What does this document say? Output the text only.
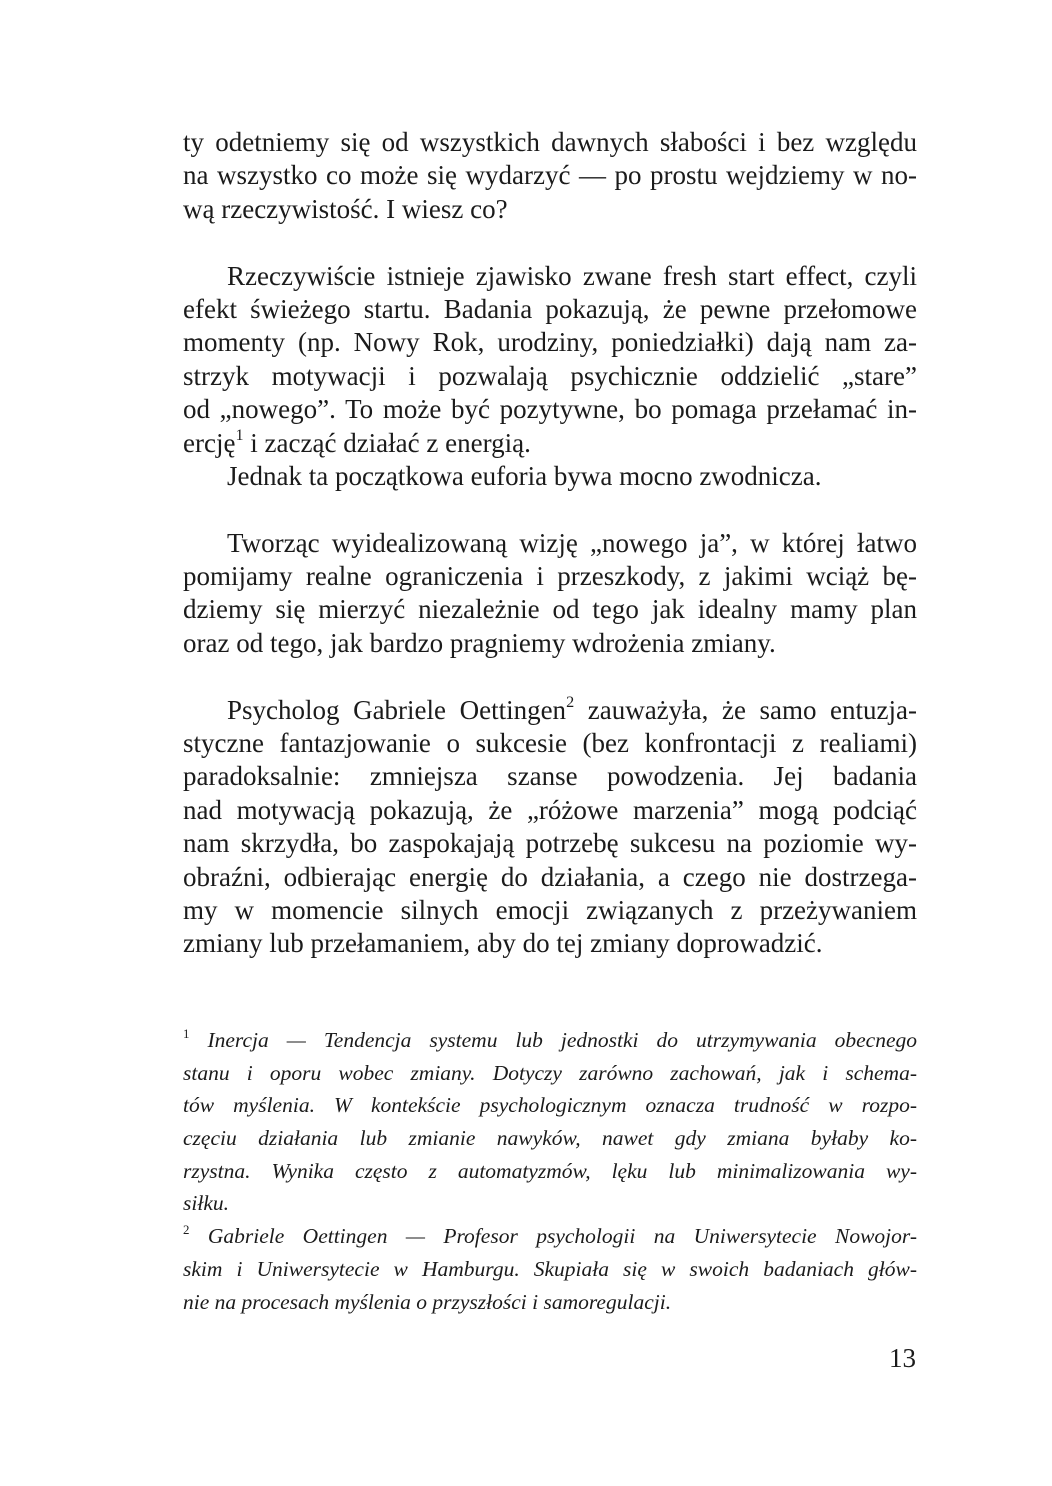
ty odetniemy się od wszystkich dawnych słabości i bez względu
na wszystko co może się wydarzyć — po prostu wejdziemy w no-
wą rzeczywistość. I wiesz co?
Rzeczywiście istnieje zjawisko zwane fresh start effect, czyli
efekt świeżego startu. Badania pokazują, że pewne przełomowe
momenty (np. Nowy Rok, urodziny, poniedziałki) dają nam za-
strzyk motywacji i pozwalają psychicznie oddzielić „stare”
od „nowego”. To może być pozytywne, bo pomaga przełamać in-
ercję$^1$ i zacząć działać z energią.
Jednak ta początkowa euforia bywa mocno zwodnicza.
Tworząc wyidealizowaną wizję „nowego ja”, w której łatwo
pomijamy realne ograniczenia i przeszkody, z jakimi wciąż bę-
dziemy się mierzyć niezależnie od tego jak idealny mamy plan
oraz od tego, jak bardzo pragniemy wdrożenia zmiany.
Psycholog Gabriele Oettingen$^2$ zauważyła, że samo entuzja-
styczne fantazjowanie o sukcesie (bez konfrontacji z realiami)
paradoksalnie: zmniejsza szanse powodzenia. Jej badania
nad motywacją pokazują, że „różowe marzenia” mogą podciąć
nam skrzydła, bo zaspokajają potrzebę sukcesu na poziomie wy-
obraźni, odbierając energię do działania, a czego nie dostrzega-
my w momencie silnych emocji związanych z przeżywaniem
zmiany lub przełamaniem, aby do tej zmiany doprowadzić.
$^1$ Inercja — Tendencja systemu lub jednostki do utrzymywania obecnego
stanu i oporu wobec zmiany. Dotyczy zarówno zachowań, jak i schema-
tów myślenia. W kontekście psychologicznym oznacza trudność w rozpo-
częciu działania lub zmianie nawyków, nawet gdy zmiana byłaby ko-
rzystna. Wynika często z automatyzmów, lęku lub minimalizowania wy-
siłku.
$^2$ Gabriele Oettingen — Profesor psychologii na Uniwersytecie Nowojor-
skim i Uniwersytecie w Hamburgu. Skupiała się w swoich badaniach głów-
nie na procesach myślenia o przyszłości i samoregulacji.
13
